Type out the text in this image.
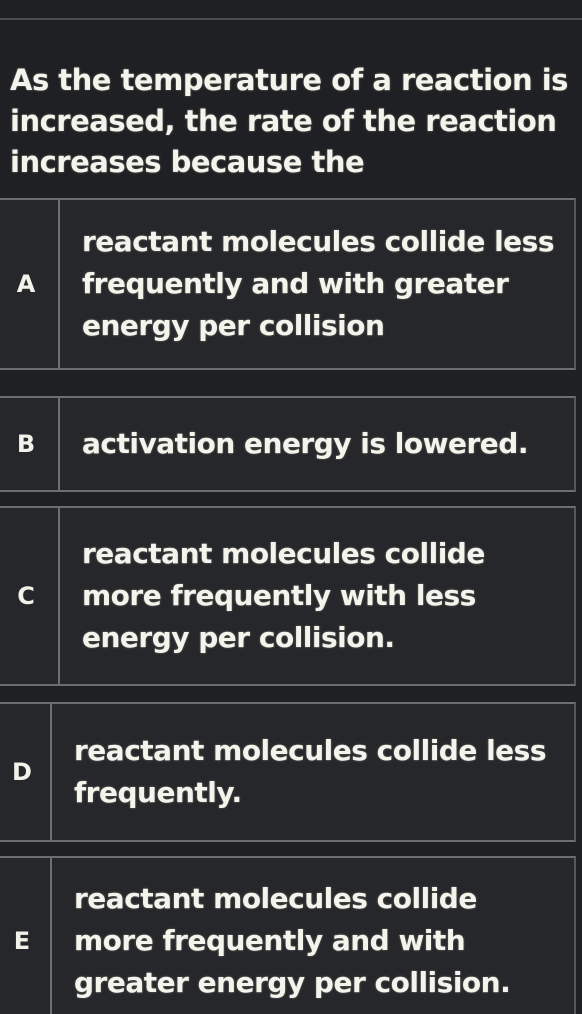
As the temperature of a reaction is increased, the rate of the reaction increases because the
A
reactant molecules collide less frequently and with greater energy per collision
B activation energy is lowered.
C
reactant molecules collide more frequently with less energy per collision.
D
reactant molecules collide less frequently.
E
reactant molecules collide more frequently and with greater energy per collision.
